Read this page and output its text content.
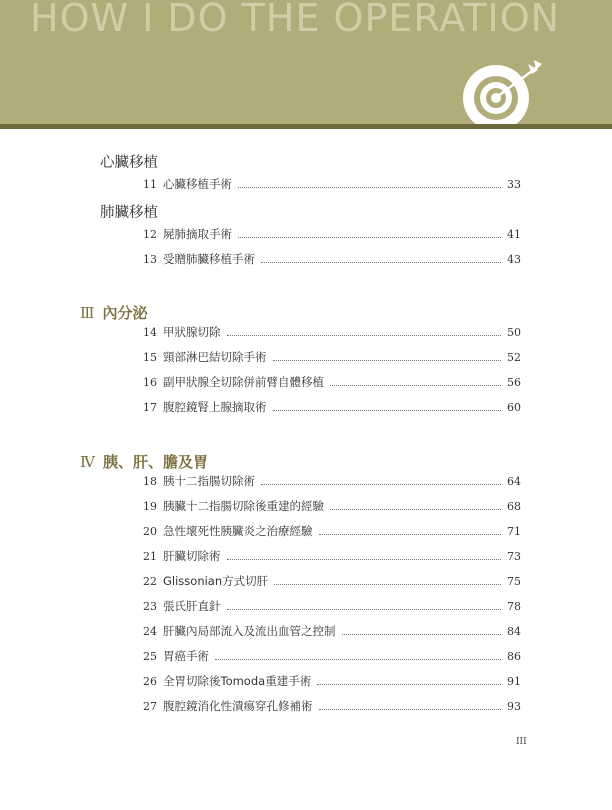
HOW I DO THE OPERATION
心臟移植
11 心臟移植手術	33
肺臟移植
12 屍肺摘取手術	41
13 受贈肺臟移植手術	43
Ⅲ 內分泌
14 甲狀腺切除	50
15 頸部淋巴結切除手術	52
16 副甲狀腺全切除併前臂自體移植	56
17 腹腔鏡腎上腺摘取術	60
Ⅳ 胰、肝、膽及胃
18 胰十二指腸切除術	64
19 胰臟十二指腸切除後重建的經驗	68
20 急性壞死性胰臟炎之治療經驗	71
21 肝臟切除術	73
22 Glissonian方式切肝	75
23 張氏肝直針	78
24 肝臟內局部流入及流出血管之控制	84
25 胃癌手術	86
26 全胃切除後Tomoda重建手術	91
27 腹腔鏡消化性潰瘍穿孔修補術	93
III
